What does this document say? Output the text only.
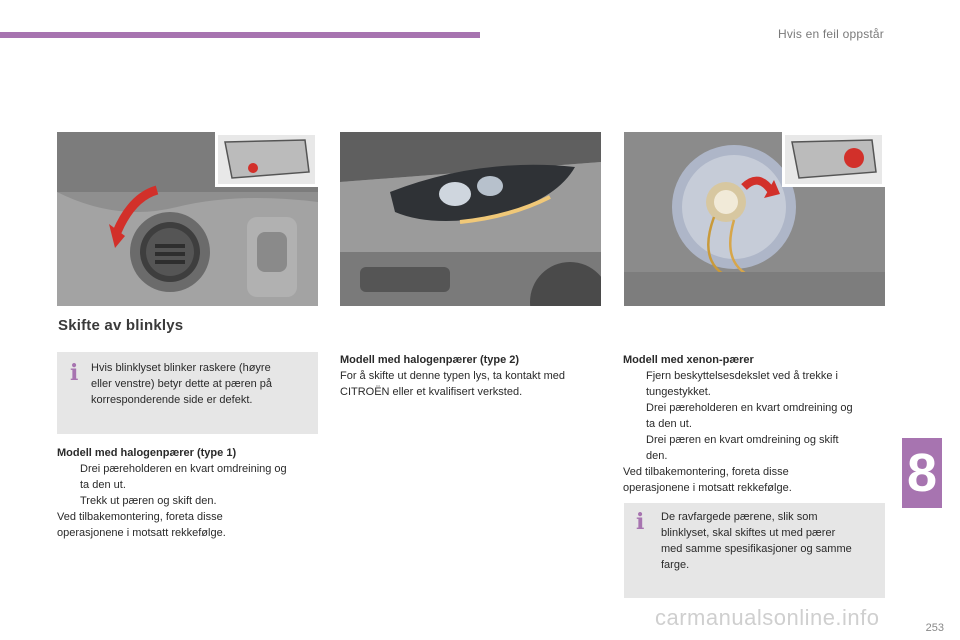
Hvis en feil oppstår
Skifte av blinklys
i Hvis blinklyset blinker raskere (høyre
eller venstre) betyr dette at pæren på
korresponderende side er defekt.
Modell med halogenpærer (type 1)
Drei pæreholderen en kvart omdreining og
ta den ut.
Trekk ut pæren og skift den.
Ved tilbakemontering, foreta disse
operasjonene i motsatt rekkefølge.
Modell med halogenpærer (type 2)
For å skifte ut denne typen lys, ta kontakt med
CITROËN eller et kvalifisert verksted.
Modell med xenon-pærer
Fjern beskyttelsesdekslet ved å trekke i
tungestykket.
Drei pæreholderen en kvart omdreining og
ta den ut.
Drei pæren en kvart omdreining og skift
den.
Ved tilbakemontering, foreta disse
operasjonene i motsatt rekkefølge.
i De ravfargede pærene, slik som
blinklyset, skal skiftes ut med pærer
med samme spesifikasjoner og samme
farge.
8
253
carmanualsonline.info
